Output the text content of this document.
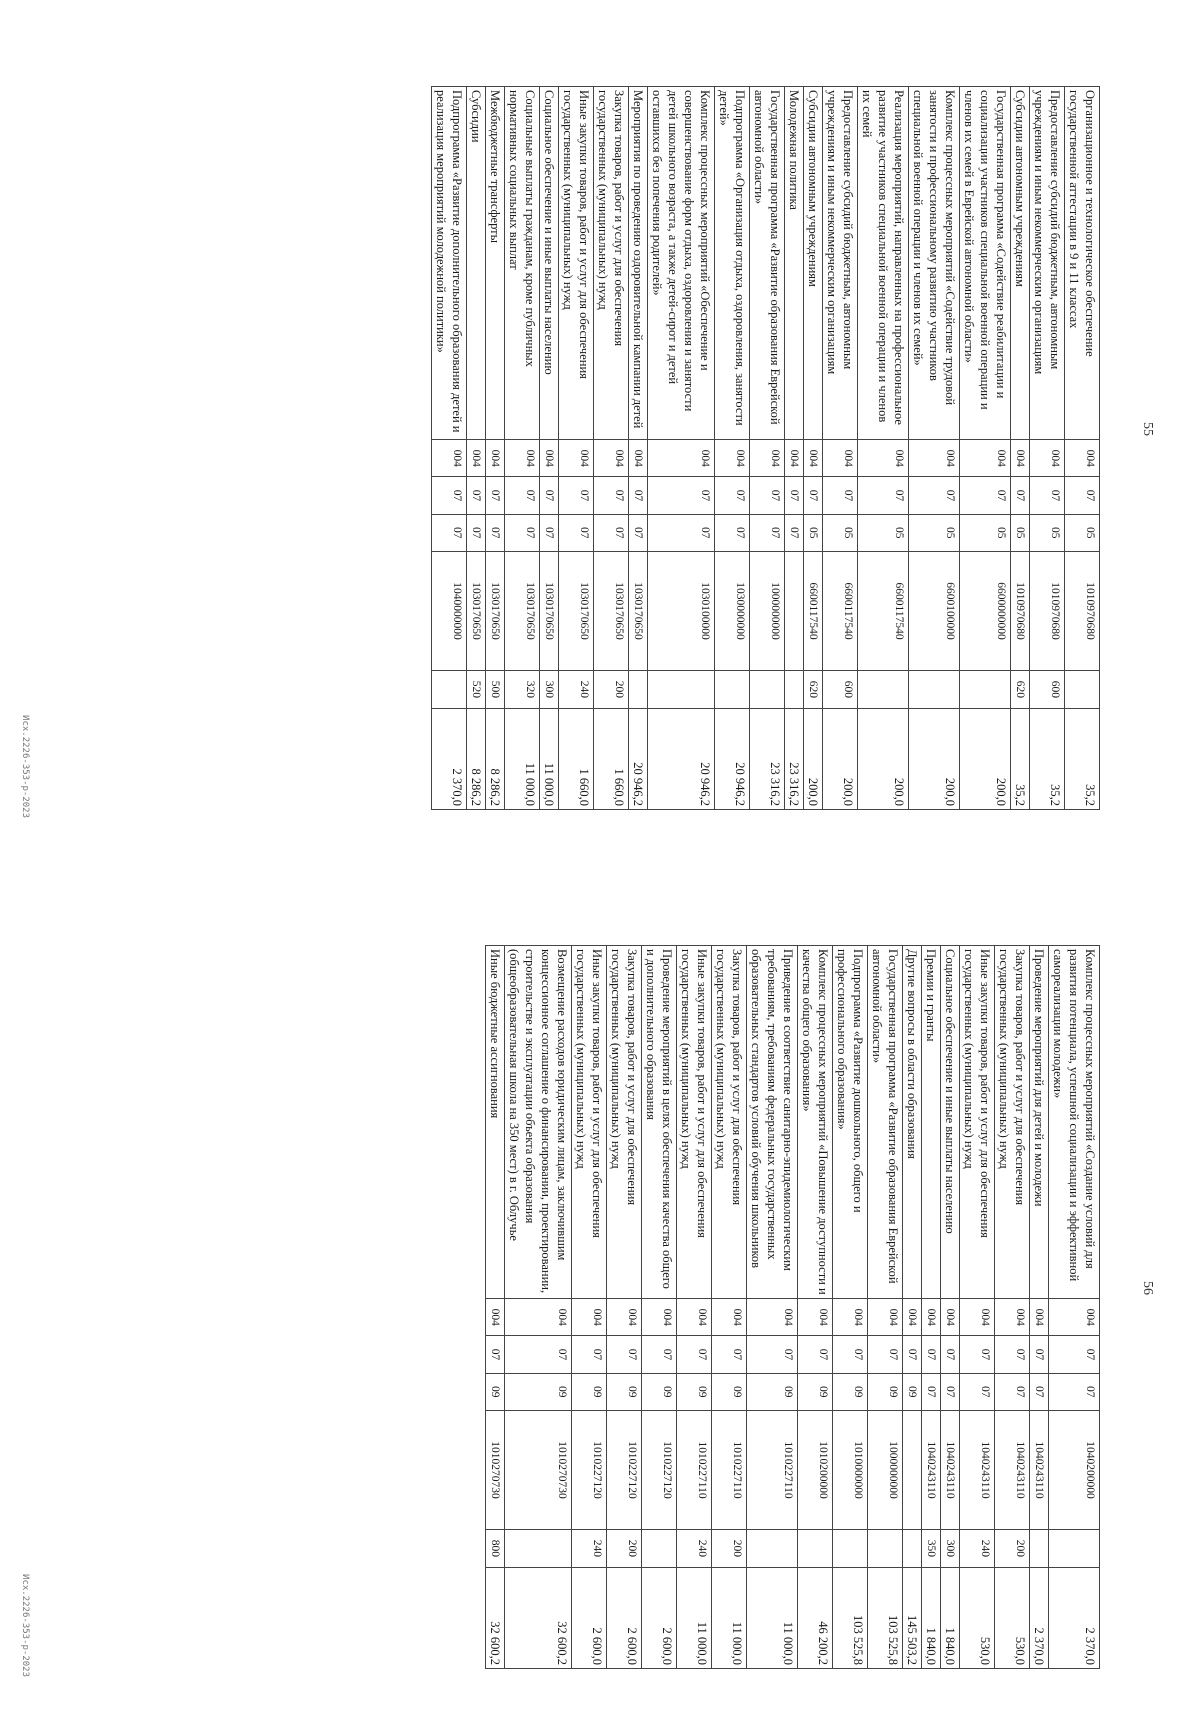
55
Организационное и технологическое обеспечение государственной аттестации в 9 и 11 классах	004	07	05	1010970680		35,2
Предоставление субсидий бюджетным, автономным учреждениям и иным некоммерческим организациям	004	07	05	1010970680	600	35,2
Субсидии автономным учреждениям	004	07	05	1010970680	620	35,2
Государственная программа «Содействие реабилитации и социализации участников специальной военной операции и членов их семей в Еврейской автономной области»	004	07	05	6600000000		200,0
Комплекс процессных мероприятий «Содействие трудовой занятости и профессиональному развитию участников специальной военной операции и членов их семей»	004	07	05	6600100000		200,0
Реализация мероприятий, направленных на профессиональное развитие участников специальной военной операции и членов их семей	004	07	05	6600117540		200,0
Предоставление субсидий бюджетным, автономным учреждениям и иным некоммерческим организациям	004	07	05	6600117540	600	200,0
Субсидии автономным учреждениям	004	07	05	6600117540	620	200,0
Молодежная политика	004	07	07			23 316,2
Государственная программа «Развитие образования Еврейской автономной области»	004	07	07	1000000000		23 316,2
Подпрограмма «Организация отдыха, оздоровления, занятости детей»	004	07	07	1030000000		20 946,2
Комплекс процессных мероприятий «Обеспечение и совершенствование форм отдыха, оздоровления и занятости детей школьного возраста, а также детей-сирот и детей оставшихся без попечения родителей»	004	07	07	1030100000		20 946,2
Мероприятия по проведению оздоровительной кампании детей	004	07	07	1030170650		20 946,2
Закупка товаров, работ и услуг для обеспечения государственных (муниципальных) нужд	004	07	07	1030170650	200	1 660,0
Иные закупки товаров, работ и услуг для обеспечения государственных (муниципальных) нужд	004	07	07	1030170650	240	1 660,0
Социальное обеспечение и иные выплаты населению	004	07	07	1030170650	300	11 000,0
Социальные выплаты гражданам, кроме публичных нормативных социальных выплат	004	07	07	1030170650	320	11 000,0
Межбюджетные трансферты	004	07	07	1030170650	500	8 286,2
Субсидии	004	07	07	1030170650	520	8 286,2
Подпрограмма «Развитие дополнительного образования детей и реализация мероприятий молодежной политики»	004	07	07	1040000000		2 370,0
Исх.2226-353-р-2023
56
Комплекс процессных мероприятий «Создание условий для развития потенциала, успешной социализации и эффективной самореализации молодежи»	004	07	07	1040200000		2 370,0
Проведение мероприятий для детей и молодежи	004	07	07	1040243110		2 370,0
Закупка товаров, работ и услуг для обеспечения государственных (муниципальных) нужд	004	07	07	1040243110	200	530,0
Иные закупки товаров, работ и услуг для обеспечения государственных (муниципальных) нужд	004	07	07	1040243110	240	530,0
Социальное обеспечение и иные выплаты населению	004	07	07	1040243110	300	1 840,0
Премии и гранты	004	07	07	1040243110	350	1 840,0
Другие вопросы в области образования	004	07	09			145 503,2
Государственная программа «Развитие образования Еврейской автономной области»	004	07	09	1000000000		103 525,8
Подпрограмма «Развитие дошкольного, общего и профессионального образования»	004	07	09	1010000000		103 525,8
Комплекс процессных мероприятий «Повышение доступности и качества общего образования»	004	07	09	1010200000		46 200,2
Приведение в соответствие санитарно-эпидемиологическим требованиям, требованиям федеральных государственных образовательных стандартов условий обучения школьников	004	07	09	1010227110		11 000,0
Закупка товаров, работ и услуг для обеспечения государственных (муниципальных) нужд	004	07	09	1010227110	200	11 000,0
Иные закупки товаров, работ и услуг для обеспечения государственных (муниципальных) нужд	004	07	09	1010227110	240	11 000,0
Проведение мероприятий в целях обеспечения качества общего и дополнительного образования	004	07	09	1010227120		2 600,0
Закупка товаров, работ и услуг для обеспечения государственных (муниципальных) нужд	004	07	09	1010227120	200	2 600,0
Иные закупки товаров, работ и услуг для обеспечения государственных (муниципальных) нужд	004	07	09	1010227120	240	2 600,0
Возмещение расходов юридическим лицам, заключившим концессионное соглашение о финансировании, проектировании, строительстве и эксплуатации объекта образования (общеобразовательная школа на 350 мест) в г. Облучье	004	07	09	1010270730		32 600,2
Иные бюджетные ассигнования	004	07	09	1010270730	800	32 600,2
Исх.2226-353-р-2023
